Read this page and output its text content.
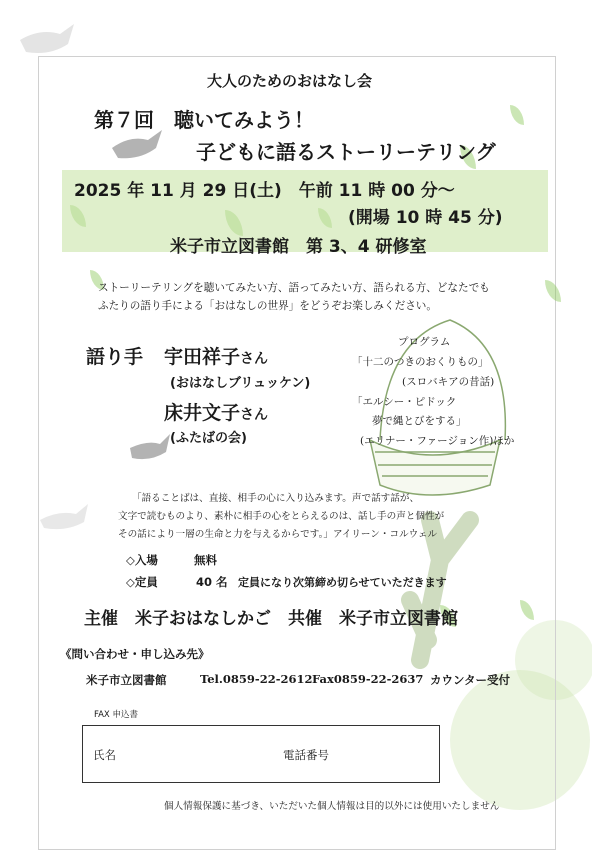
大人のためのおはなし会
第７回　聴いてみよう！
子どもに語るストーリーテリング
2025 年 11 月 29 日(土)　午前 11 時 00 分～
(開場 10 時 45 分)
米子市立図書館　第 3、4 研修室
ストーリーテリングを聴いてみたい方、語ってみたい方、語られる方、どなたでも
ふたりの語り手による「おはなしの世界」をどうぞお楽しみください。
語り手 宇田祥子さん
(おはなしブリュッケン)
床井文子さん
(ふたばの会)
プログラム
「十二のつきのおくりもの」
(スロバキアの昔話)
「エルシー・ピドック
夢で縄とびをする」
(エリナー・ファージョン作)ほか
「語ることばは、直接、相手の心に入り込みます。声で話す話が、
文字で読むものより、素朴に相手の心をとらえるのは、話し手の声と個性が
その話により一層の生命と力を与えるからです。」アイリーン・コルウェル
◇入場	無料
◇定員	40 名 定員になり次第締め切らせていただきます
主催　米子おはなしかご　共催　米子市立図書館
《問い合わせ・申し込み先》
米子市立図書館	Tel.0859-22-2612 Fax0859-22-2637 カウンター受付
FAX 申込書
氏名	電話番号
個人情報保護に基づき、いただいた個人情報は目的以外には使用いたしません
